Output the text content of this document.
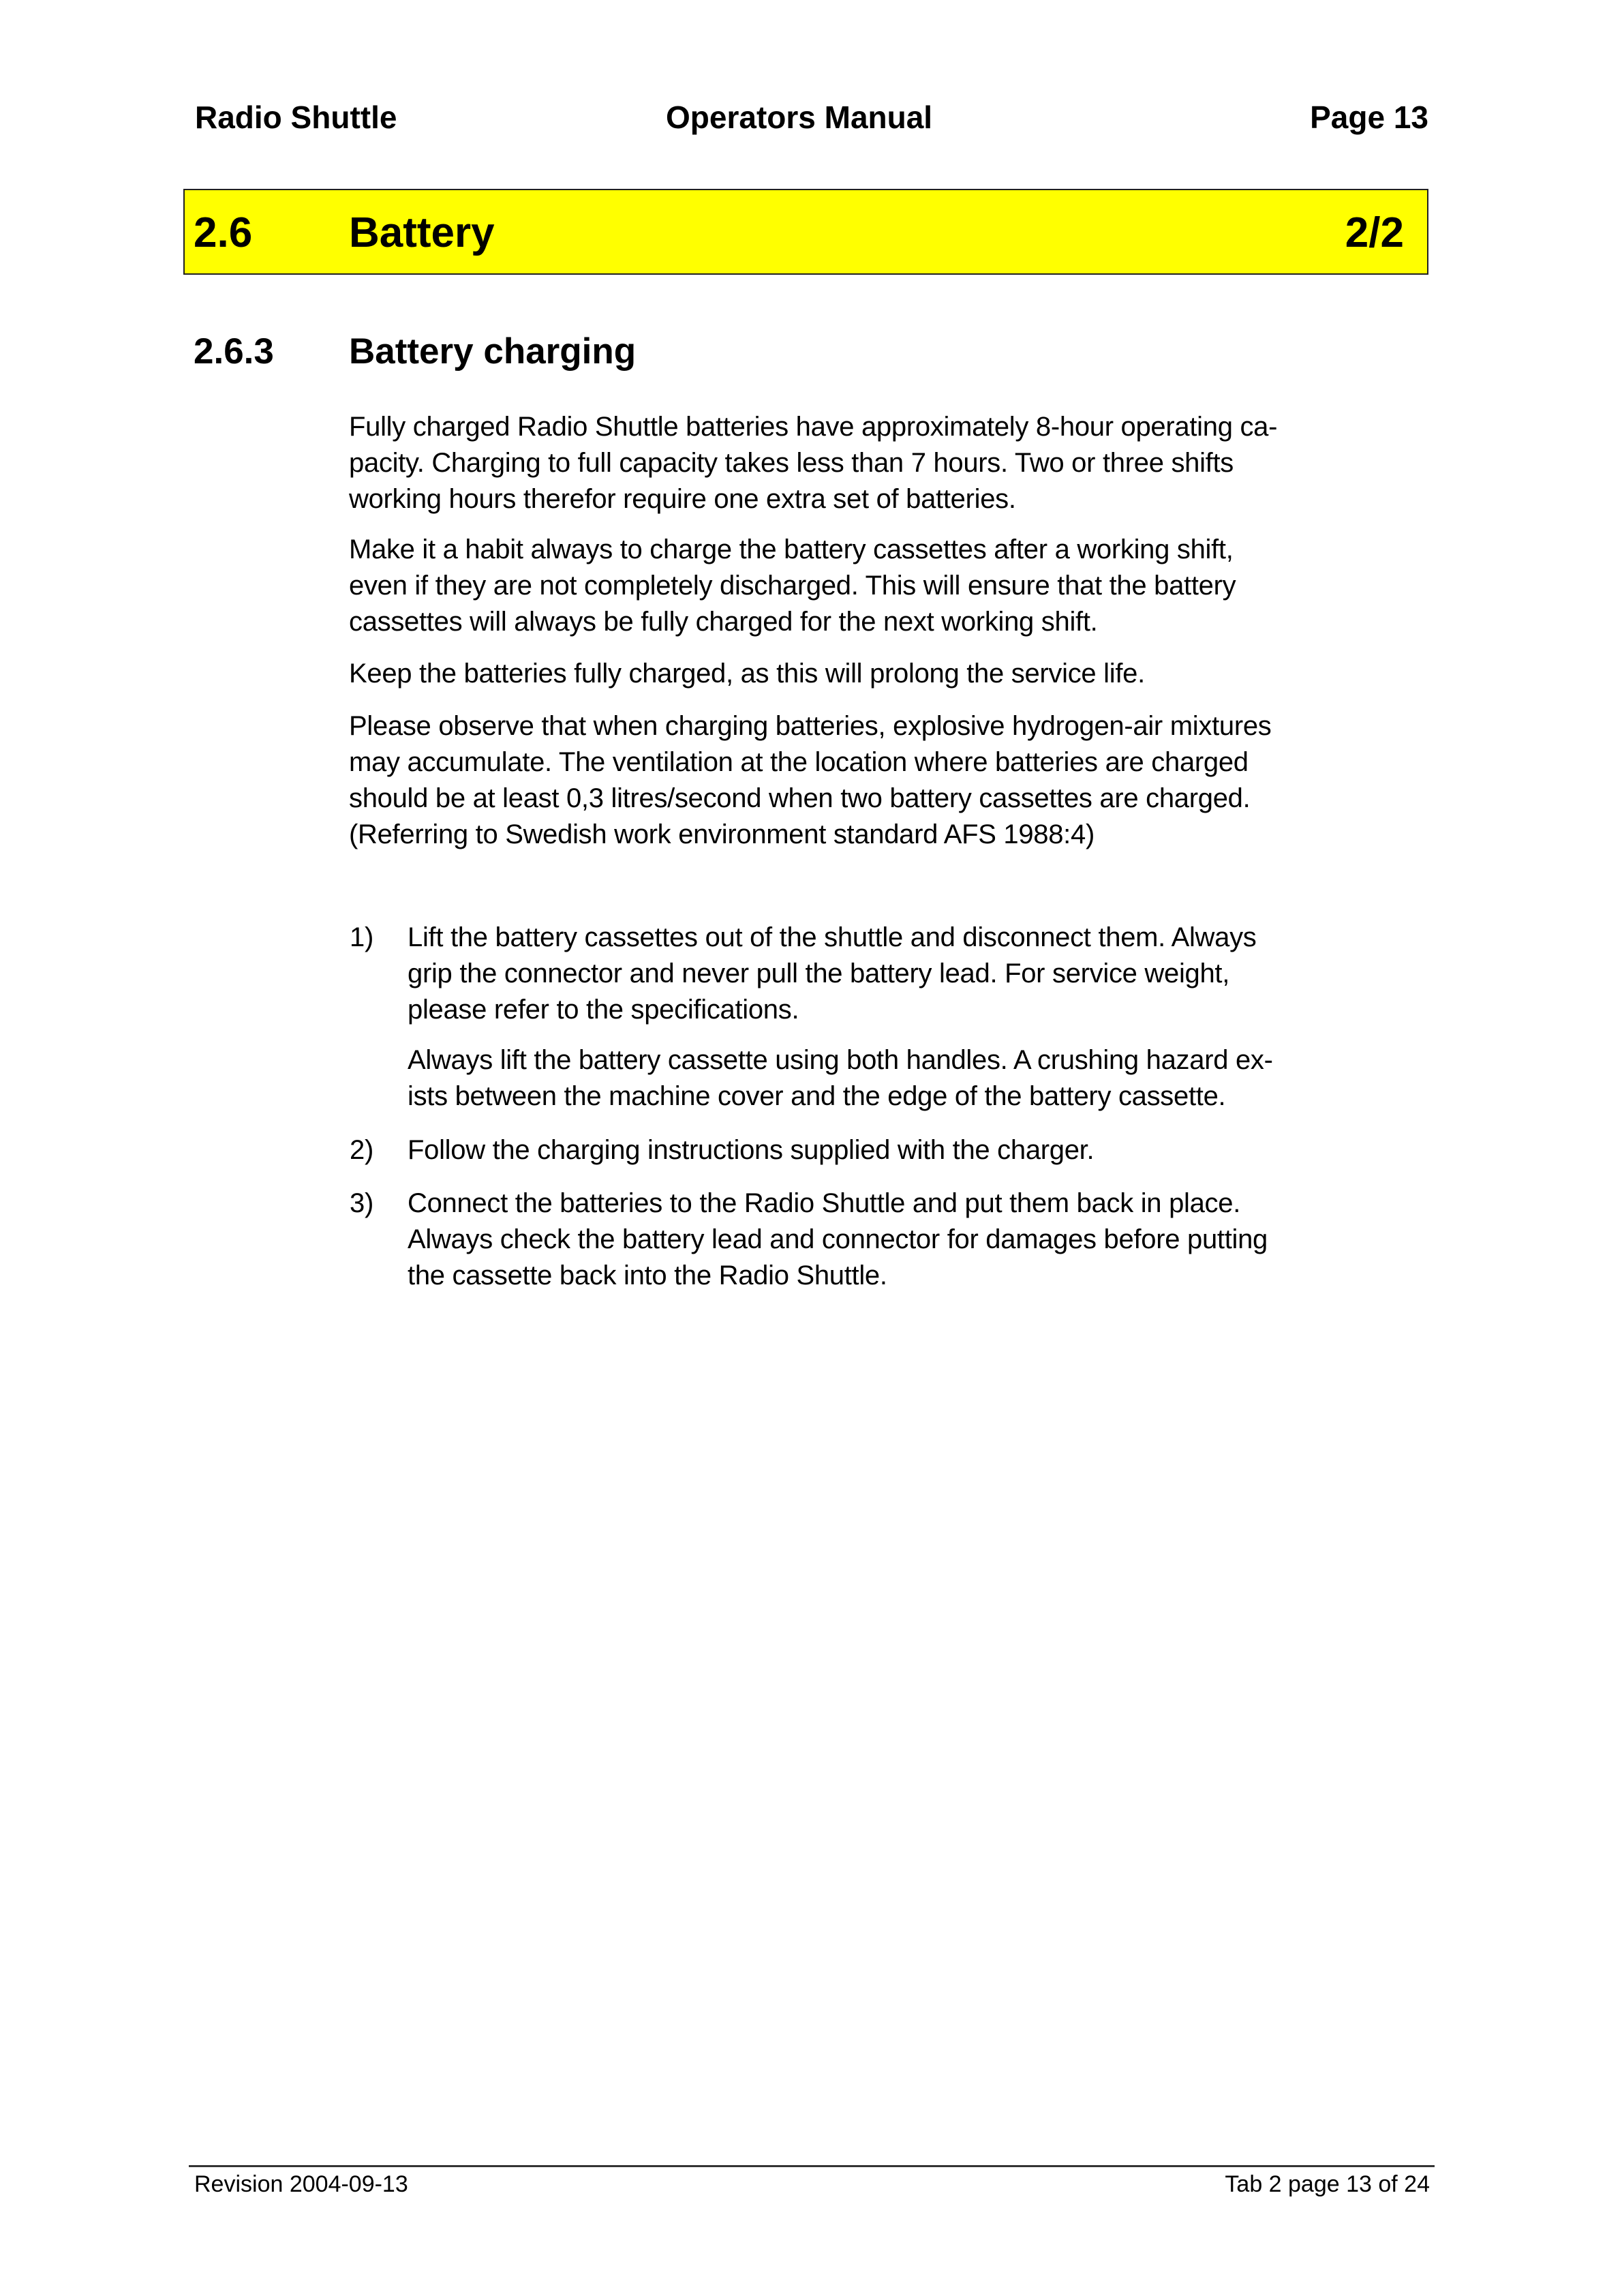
Radio Shuttle	Operators Manual	Page 13
2.6 Battery	2/2
2.6.3 Battery charging
Fully charged Radio Shuttle batteries have approximately 8-hour operating ca-
pacity. Charging to full capacity takes less than 7 hours. Two or three shifts
working hours therefor require one extra set of batteries.
Make it a habit always to charge the battery cassettes after a working shift,
even if they are not completely discharged. This will ensure that the battery
cassettes will always be fully charged for the next working shift.
Keep the batteries fully charged, as this will prolong the service life.
Please observe that when charging batteries, explosive hydrogen-air mixtures
may accumulate. The ventilation at the location where batteries are charged
should be at least 0,3 litres/second when two battery cassettes are charged.
(Referring to Swedish work environment standard AFS 1988:4)
1) Lift the battery cassettes out of the shuttle and disconnect them. Always
grip the connector and never pull the battery lead. For service weight,
please refer to the specifications.
Always lift the battery cassette using both handles. A crushing hazard ex-
ists between the machine cover and the edge of the battery cassette.
2) Follow the charging instructions supplied with the charger.
3) Connect the batteries to the Radio Shuttle and put them back in place.
Always check the battery lead and connector for damages before putting
the cassette back into the Radio Shuttle.
Revision 2004-09-13	Tab 2 page 13 of 24
